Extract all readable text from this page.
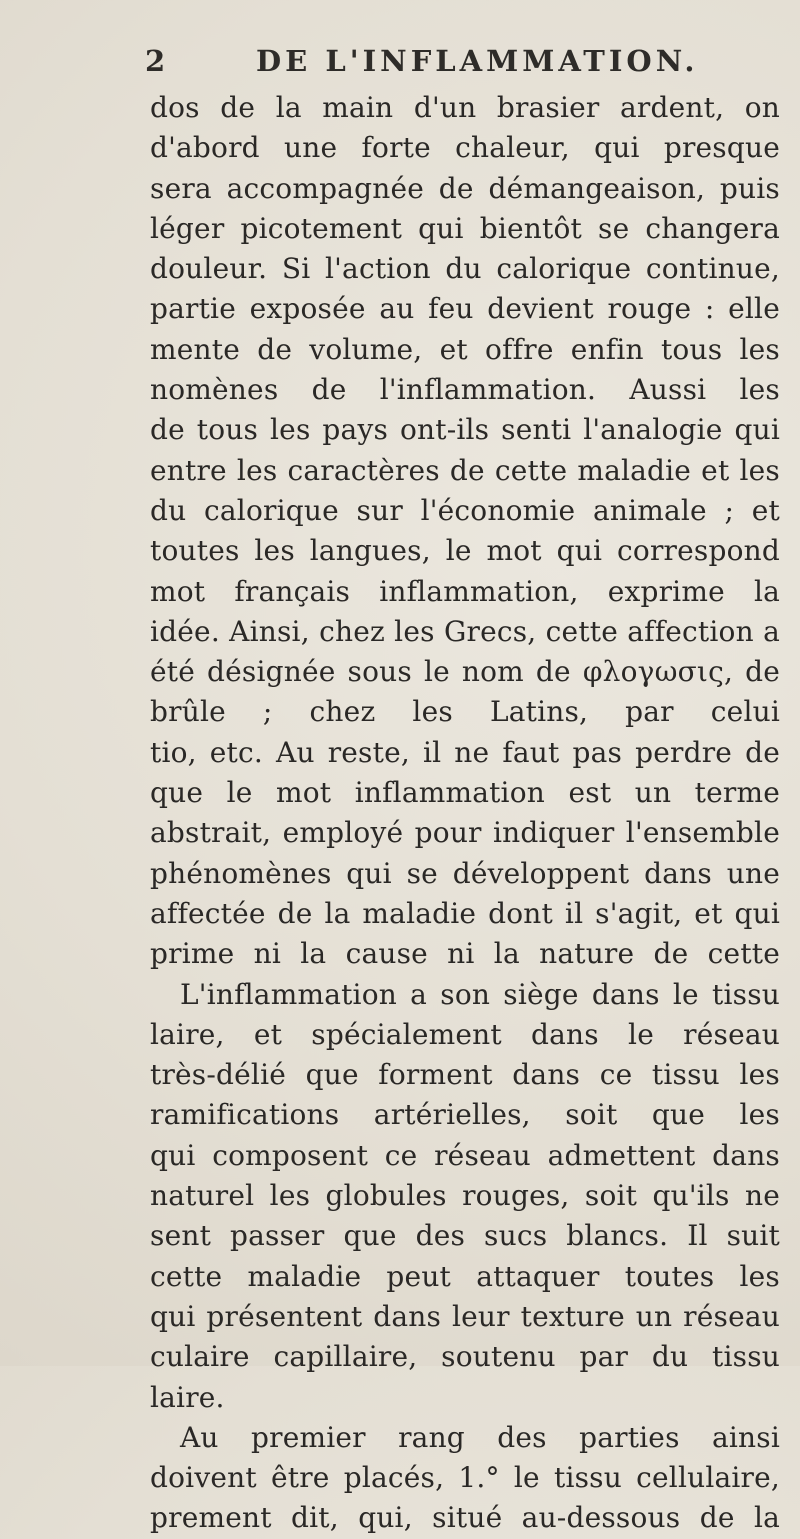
2	DE L'INFLAMMATION.
dos de la main d'un brasier ardent, on
d'abord une forte chaleur, qui presque
sera accompagnée de démangeaison, puis
léger picotement qui bientôt se changera
douleur. Si l'action du calorique continue,
partie exposée au feu devient rouge : elle
mente de volume, et offre enfin tous les
nomènes de l'inflammation. Aussi les
de tous les pays ont-ils senti l'analogie qui
entre les caractères de cette maladie et les
du calorique sur l'économie animale ; et
toutes les langues, le mot qui correspond
mot français inflammation, exprime la
idée. Ainsi, chez les Grecs, cette affection a
été désignée sous le nom de φλογωσις, de
brûle ; chez les Latins, par celui
tio, etc. Au reste, il ne faut pas perdre de
que le mot inflammation est un terme
abstrait, employé pour indiquer l'ensemble
phénomènes qui se développent dans une
affectée de la maladie dont il s'agit, et qui
prime ni la cause ni la nature de cette
L'inflammation a son siège dans le tissu
laire, et spécialement dans le réseau
très-délié que forment dans ce tissu les
ramifications artérielles, soit que les
qui composent ce réseau admettent dans
naturel les globules rouges, soit qu'ils ne
sent passer que des sucs blancs. Il suit
cette maladie peut attaquer toutes les
qui présentent dans leur texture un réseau
culaire capillaire, soutenu par du tissu
laire.
Au premier rang des parties ainsi
doivent être placés, 1.° le tissu cellulaire,
prement dit, qui, situé au-dessous de la
